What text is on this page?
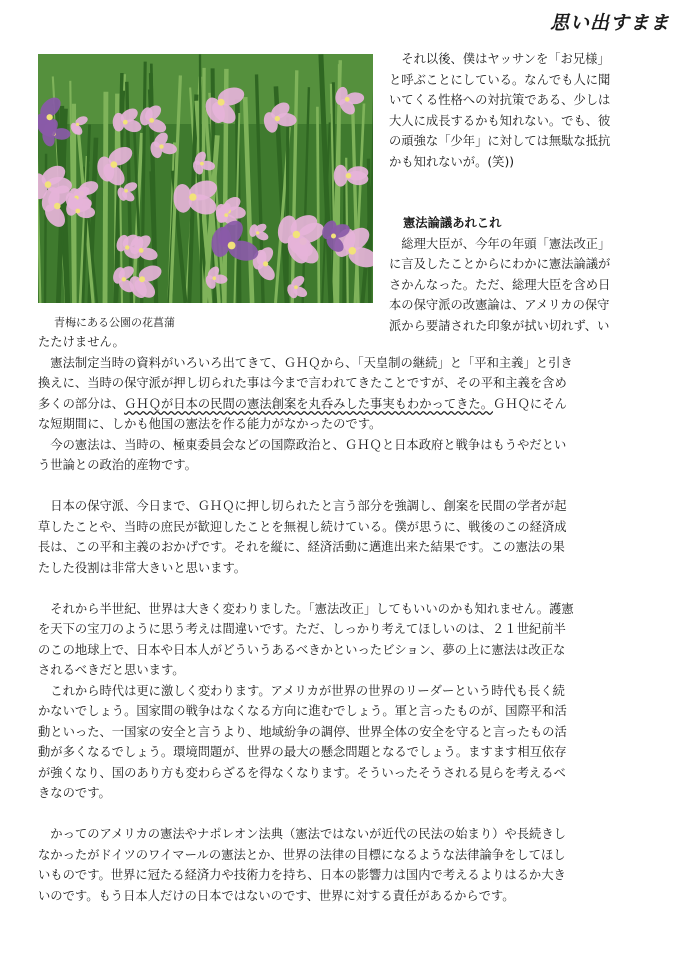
思い出すまま
青梅にある公園の花菖蒲

　それ以後、僕はヤッサンを「お兄様」

と呼ぶことにしている。なんでも人に聞

いてくる性格への対抗策である、少しは

大人に成長するかも知れない。でも、彼

の頑強な「少年」に対しては無駄な抵抗

かも知れないが。(笑))

憲法論議あれこれ

　総理大臣が、今年の年頭「憲法改正」

に言及したことからにわかに憲法論議が

さかんなった。ただ、総理大臣を含め日

本の保守派の改憲論は、アメリカの保守

派から要請された印象が拭い切れず、い

たたけません。

　憲法制定当時の資料がいろいろ出てきて、ＧＨＱから、「天皇制の継続」と「平和主義」と引き

換えに、当時の保守派が押し切られた事は今まで言われてきたことですが、その平和主義を含め

多くの部分は、ＧＨＱが日本の民間の憲法創案を丸呑みした事実もわかってきた。ＧＨＱにそん

な短期間に、しかも他国の憲法を作る能力がなかったのです。

　今の憲法は、当時の、極東委員会などの国際政治と、ＧＨＱと日本政府と戦争はもうやだとい

う世論との政治的産物です。

　日本の保守派、今日まで、ＧＨＱに押し切られたと言う部分を強調し、創案を民間の学者が起

草したことや、当時の庶民が歓迎したことを無視し続けている。僕が思うに、戦後のこの経済成

長は、この平和主義のおかげです。それを縦に、経済活動に邁進出来た結果です。この憲法の果

たした役割は非常大きいと思います。

　それから半世紀、世界は大きく変わりました。「憲法改正」してもいいのかも知れません。護憲

を天下の宝刀のように思う考えは間違いです。ただ、しっかり考えてほしいのは、２１世紀前半

のこの地球上で、日本や日本人がどういうあるべきかといったビション、夢の上に憲法は改正な

されるべきだと思います。

　これから時代は更に激しく変わります。アメリカが世界の世界のリーダーという時代も長く続

かないでしょう。国家間の戦争はなくなる方向に進むでしょう。軍と言ったものが、国際平和活

動といった、一国家の安全と言うより、地域紛争の調停、世界全体の安全を守ると言ったもの活

動が多くなるでしょう。環境問題が、世界の最大の懸念問題となるでしょう。ますます相互依存

が強くなり、国のあり方も変わらざるを得なくなります。そういったそうされる見らを考えるべ

きなのです。

　かってのアメリカの憲法やナポレオン法典（憲法ではないが近代の民法の始まり）や長続きし

なかったがドイツのワイマールの憲法とか、世界の法律の目標になるような法律論争をしてほし

いものです。世界に冠たる経済力や技術力を持ち、日本の影響力は国内で考えるよりはるか大き

いのです。もう日本人だけの日本ではないのです、世界に対する責任があるからです。
